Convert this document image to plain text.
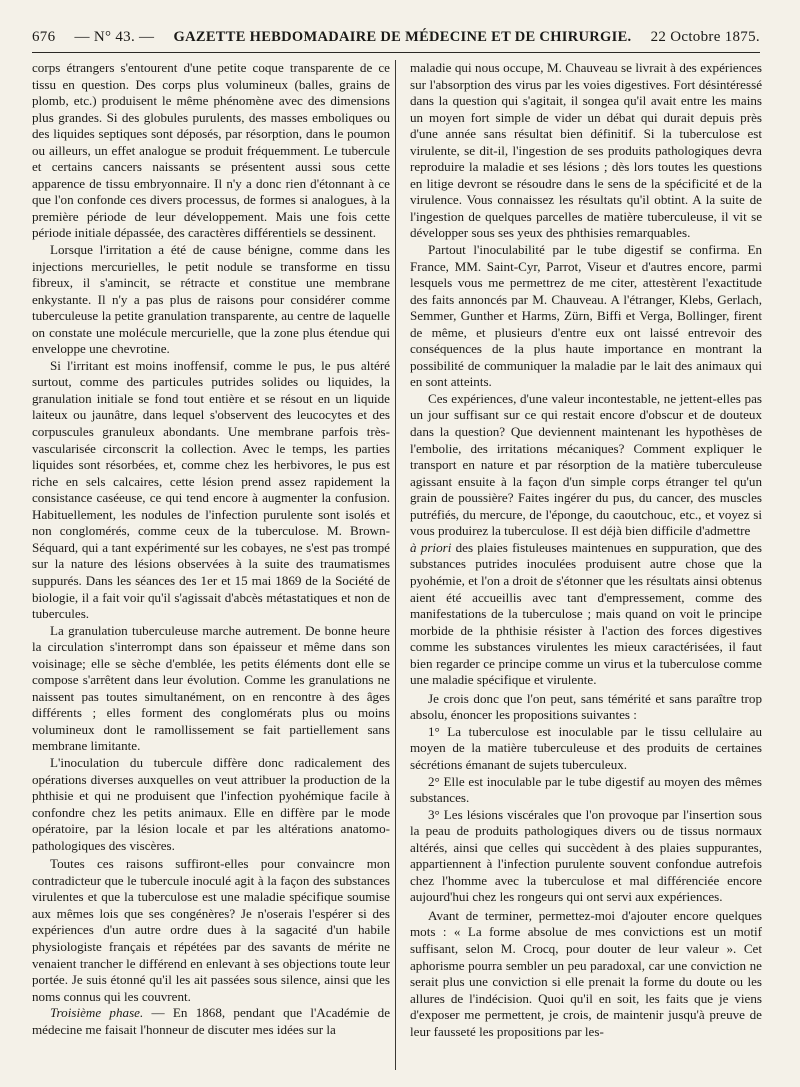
676 — N° 43. — GAZETTE HEBDOMADAIRE DE MÉDECINE ET DE CHIRURGIE. 22 Octobre 1875.

corps étrangers s'entourent d'une petite coque transparente de ce tissu en question. Des corps plus volumineux (balles, grains de plomb, etc.) produisent le même phénomène avec des dimensions plus grandes. Si des globules purulents, des masses emboliques ou des liquides septiques sont déposés, par résorption, dans le poumon ou ailleurs, un effet analogue se produit fréquemment. Le tubercule et certains cancers naissants se présentent aussi sous cette apparence de tissu embryonnaire. Il n'y a donc rien d'étonnant à ce que l'on confonde ces divers processus, de formes si analogues, à la première période de leur développement. Mais une fois cette période initiale dépassée, des caractères différentiels se dessinent.

Lorsque l'irritation a été de cause bénigne, comme dans les injections mercurielles, le petit nodule se transforme en tissu fibreux, il s'amincit, se rétracte et constitue une membrane enkystante. Il n'y a pas plus de raisons pour considérer comme tuberculeuse la petite granulation transparente, au centre de laquelle on constate une molécule mercurielle, que la zone plus étendue qui enveloppe une chevrotine.

Si l'irritant est moins inoffensif, comme le pus, le pus altéré surtout, comme des particules putrides solides ou liquides, la granulation initiale se fond tout entière et se résout en un liquide laiteux ou jaunâtre, dans lequel s'observent des leucocytes et des corpuscules granuleux abondants. Une membrane parfois très-vascularisée circonscrit la collection. Avec le temps, les parties liquides sont résorbées, et, comme chez les herbivores, le pus est riche en sels calcaires, cette lésion prend assez rapidement la consistance caséeuse, ce qui tend encore à augmenter la confusion. Habituellement, les nodules de l'infection purulente sont isolés et non conglomérés, comme ceux de la tuberculose. M. Brown-Séquard, qui a tant expérimenté sur les cobayes, ne s'est pas trompé sur la nature des lésions observées à la suite des traumatismes suppurés. Dans les séances des 1er et 15 mai 1869 de la Société de biologie, il a fait voir qu'il s'agissait d'abcès métastatiques et non de tubercules.

La granulation tuberculeuse marche autrement. De bonne heure la circulation s'interrompt dans son épaisseur et même dans son voisinage; elle se sèche d'emblée, les petits éléments dont elle se compose s'arrêtent dans leur évolution. Comme les granulations ne naissent pas toutes simultanément, on en rencontre à des âges différents ; elles forment des conglomérats plus ou moins volumineux dont le ramollissement se fait partiellement sans membrane limitante.

L'inoculation du tubercule diffère donc radicalement des opérations diverses auxquelles on veut attribuer la production de la phthisie et qui ne produisent que l'infection pyohémique facile à confondre chez les petits animaux. Elle en diffère par le mode opératoire, par la lésion locale et par les altérations anatomo-pathologiques des viscères.

Toutes ces raisons suffiront-elles pour convaincre mon contradicteur que le tubercule inoculé agit à la façon des substances virulentes et que la tuberculose est une maladie spécifique soumise aux mêmes lois que ses congénères? Je n'oserais l'espérer si des expériences d'un autre ordre dues à la sagacité d'un habile physiologiste français et répétées par des savants de mérite ne venaient trancher le différend en enlevant à ses objections toute leur portée. Je suis étonné qu'il les ait passées sous silence, ainsi que les noms connus qui les couvrent.

Troisième phase. — En 1868, pendant que l'Académie de médecine me faisait l'honneur de discuter mes idées sur la

maladie qui nous occupe, M. Chauveau se livrait à des expériences sur l'absorption des virus par les voies digestives. Fort désintéressé dans la question qui s'agitait, il songea qu'il avait entre les mains un moyen fort simple de vider un débat qui durait depuis près d'une année sans résultat bien définitif. Si la tuberculose est virulente, se dit-il, l'ingestion de ses produits pathologiques devra reproduire la maladie et ses lésions ; dès lors toutes les questions en litige devront se résoudre dans le sens de la spécificité et de la virulence. Vous connaissez les résultats qu'il obtint. A la suite de l'ingestion de quelques parcelles de matière tuberculeuse, il vit se développer sous ses yeux des phthisies remarquables.

Partout l'inoculabilité par le tube digestif se confirma. En France, MM. Saint-Cyr, Parrot, Viseur et d'autres encore, parmi lesquels vous me permettrez de me citer, attestèrent l'exactitude des faits annoncés par M. Chauveau. A l'étranger, Klebs, Gerlach, Semmer, Gunther et Harms, Zürn, Biffi et Verga, Bollinger, firent de même, et plusieurs d'entre eux ont laissé entrevoir des conséquences de la plus haute importance en montrant la possibilité de communiquer la maladie par le lait des animaux qui en sont atteints.

Ces expériences, d'une valeur incontestable, ne jettent-elles pas un jour suffisant sur ce qui restait encore d'obscur et de douteux dans la question? Que deviennent maintenant les hypothèses de l'embolie, des irritations mécaniques? Comment expliquer le transport en nature et par résorption de la matière tuberculeuse agissant ensuite à la façon d'un simple corps étranger tel qu'un grain de poussière? Faites ingérer du pus, du cancer, des muscles putréfiés, du mercure, de l'éponge, du caoutchouc, etc., et voyez si vous produirez la tuberculose. Il est déjà bien difficile d'admettre

à priori des plaies fistuleuses maintenues en suppuration, que des substances putrides inoculées produisent autre chose que la pyohémie, et l'on a droit de s'étonner que les résultats ainsi obtenus aient été accueillis avec tant d'empressement, comme des manifestations de la tuberculose ; mais quand on voit le principe morbide de la phthisie résister à l'action des forces digestives comme les substances virulentes les mieux caractérisées, il faut bien regarder ce principe comme un virus et la tuberculose comme une maladie spécifique et virulente.

Je crois donc que l'on peut, sans témérité et sans paraître trop absolu, énoncer les propositions suivantes :

1° La tuberculose est inoculable par le tissu cellulaire au moyen de la matière tuberculeuse et des produits de certaines sécrétions émanant de sujets tuberculeux.

2° Elle est inoculable par le tube digestif au moyen des mêmes substances.

3° Les lésions viscérales que l'on provoque par l'insertion sous la peau de produits pathologiques divers ou de tissus normaux altérés, ainsi que celles qui succèdent à des plaies suppurantes, appartiennent à l'infection purulente souvent confondue autrefois chez l'homme avec la tuberculose et mal différenciée encore aujourd'hui chez les rongeurs qui ont servi aux expériences.

Avant de terminer, permettez-moi d'ajouter encore quelques mots : « La forme absolue de mes convictions est un motif suffisant, selon M. Crocq, pour douter de leur valeur ». Cet aphorisme pourra sembler un peu paradoxal, car une conviction ne serait plus une conviction si elle prenait la forme du doute ou les allures de l'indécision. Quoi qu'il en soit, les faits que je viens d'exposer me permettent, je crois, de maintenir jusqu'à preuve de leur fausseté les propositions par les-
